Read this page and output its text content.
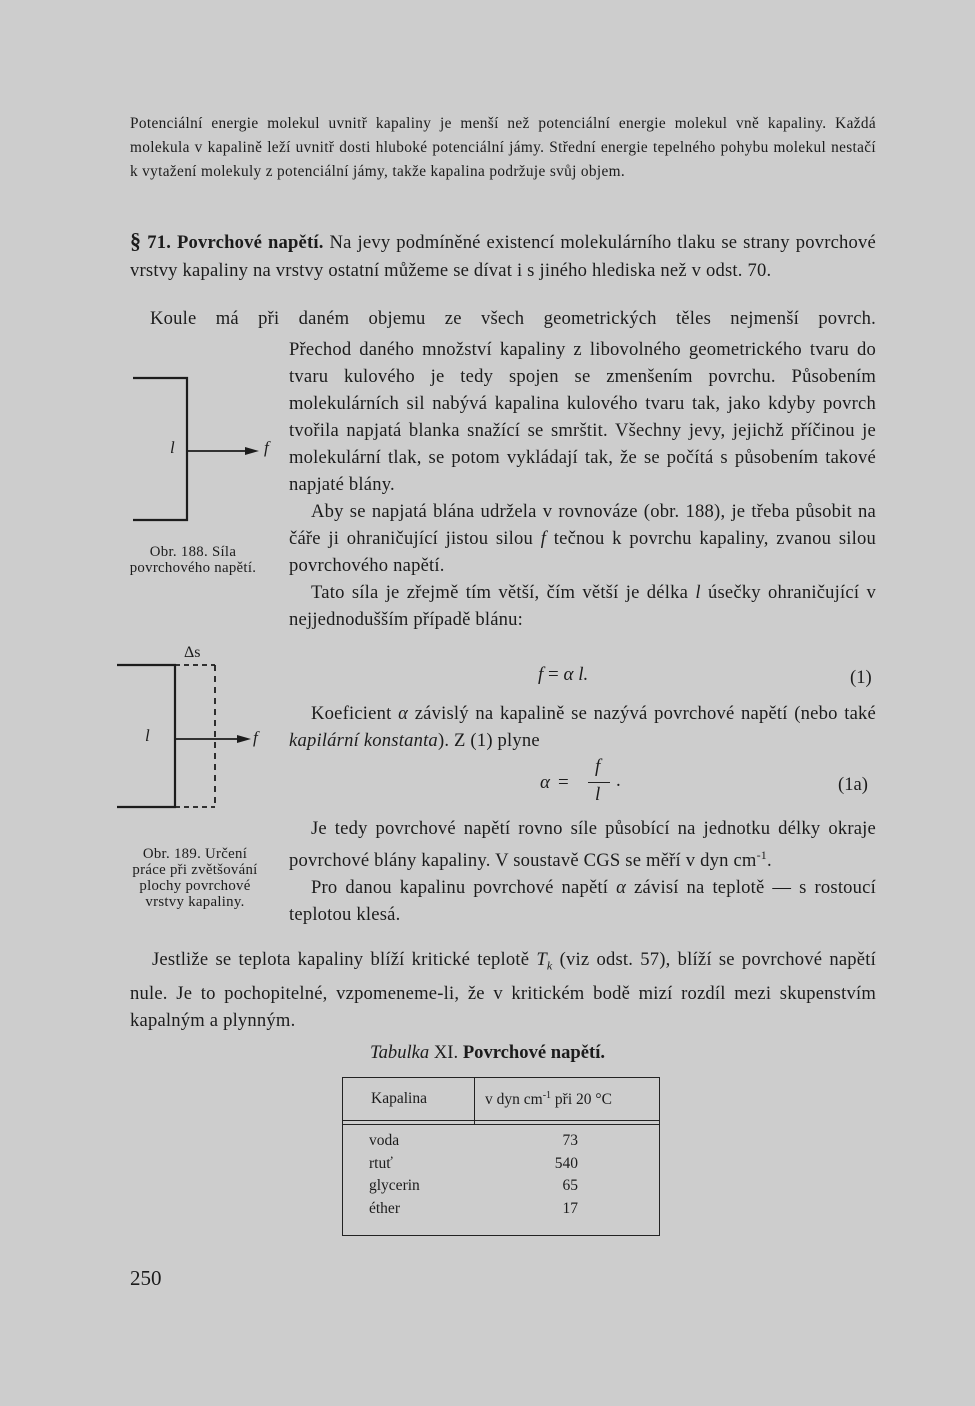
Potenciální energie molekul uvnitř kapaliny je menší než potenciální energie molekul vně kapaliny. Každá molekula v kapalině leží uvnitř dosti hluboké potenciální jámy. Střední energie tepelného pohybu molekul nestačí k vytažení molekuly z potenciální jámy, takže kapalina podržuje svůj objem.

§ 71. Povrchové napětí. Na jevy podmíněné existencí molekulárního tlaku se strany povrchové vrstvy kapaliny na vrstvy ostatní můžeme se dívat i s jiného hlediska než v odst. 70.

Koule má při daném objemu ze všech geometrických těles nejmenší povrch.

Přechod daného množství kapaliny z libovolného geometrického tvaru do tvaru kulového je tedy spojen se zmenšením povrchu. Působením molekulárních sil nabývá kapalina kulového tvaru tak, jako kdyby povrch tvořila napjatá blanka snažící se smrštit. Všechny jevy, jejichž příčinou je molekulární tlak, se potom vykládají tak, že se počítá s působením takové napjaté blány.

Aby se napjatá blána udržela v rovnováze (obr. 188), je třeba působit na čáře ji ohraničující jistou silou f tečnou k povrchu kapaliny, zvanou silou povrchového napětí.

Tato síla je zřejmě tím větší, čím větší je délka l úsečky ohraničující v nejjednodušším případě blánu:

f = α l.	(1)

Koeficient α závislý na kapalině se nazývá povrchové napětí (nebo také kapilární konstanta). Z (1) plyne

α =
f
l
.	(1a)

Je tedy povrchové napětí rovno síle působící na jednotku délky okraje povrchové blány kapaliny. V soustavě CGS se měří v dyn $cm^{-1}$.

Pro danou kapalinu povrchové napětí α závisí na teplotě — s rostoucí teplotou klesá.

l	f
Obr. 188. Síla povrchového napětí.
Δs
l	f
Obr. 189. Určení práce při zvětšování plochy povrchové vrstvy kapaliny.

Jestliže se teplota kapaliny blíží kritické teplotě $T_k$ (viz odst. 57), blíží se povrchové napětí nule. Je to pochopitelné, vzpomeneme-li, že v kritickém bodě mizí rozdíl mezi skupenstvím kapalným a plynným.

Tabulka XI. Povrchové napětí.
Kapalina	v dyn $cm^{-1}$ při 20 °C
voda	73
rtuť	540
glycerin	65
éther	17
250
